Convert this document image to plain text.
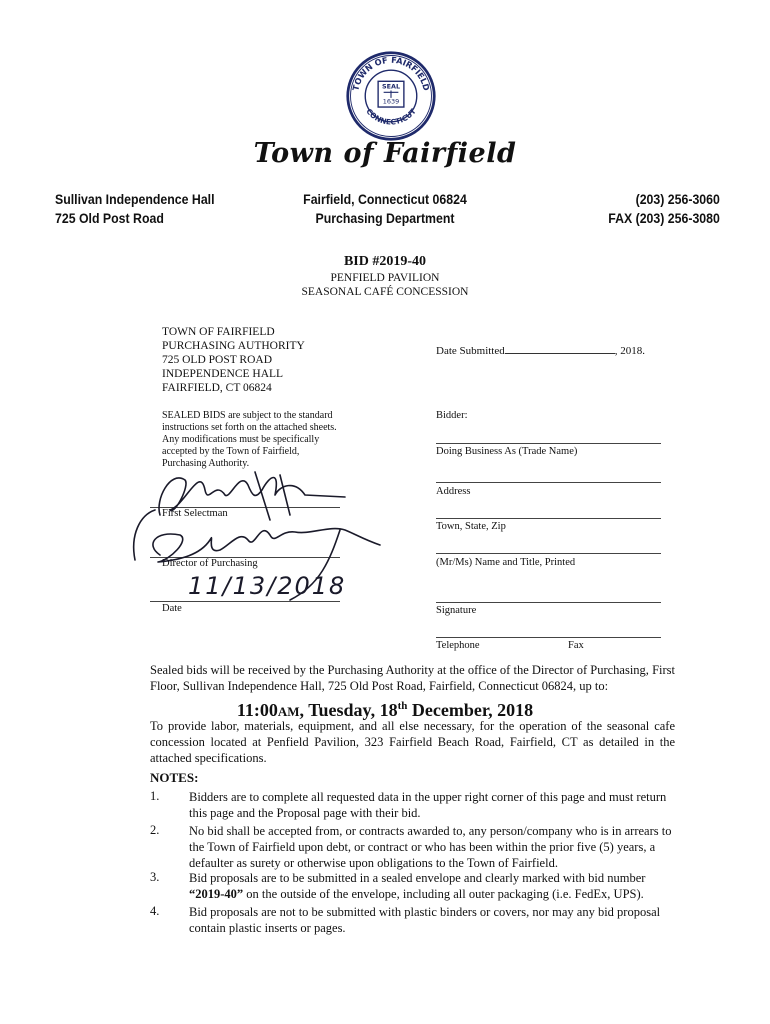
TOWN OF FAIRFIELD
CONNECTICUT
SEAL
1639
Town of Fairfield
Sullivan Independence Hall
725 Old Post Road
Fairfield, Connecticut 06824
Purchasing Department
(203) 256-3060
FAX (203) 256-3080
BID #2019-40
PENFIELD PAVILION
SEASONAL CAFÉ CONCESSION
TOWN OF FAIRFIELD
PURCHASING AUTHORITY
725 OLD POST ROAD
INDEPENDENCE HALL
FAIRFIELD, CT 06824
Date Submitted	, 2018.
SEALED BIDS are subject to the standard
instructions set forth on the attached sheets.
Any modifications must be specifically
accepted by the Town of Fairfield,
Purchasing Authority.
Bidder:
Doing Business As (Trade Name)
Address
Town, State, Zip
(Mr/Ms) Name and Title, Printed
Signature
Telephone	Fax
First Selectman
Director of Purchasing
Date
11/13/2018
Sealed bids will be received by the Purchasing Authority at the office of the Director of Purchasing, First Floor, Sullivan Independence Hall, 725 Old Post Road, Fairfield, Connecticut 06824, up to:
11:00AM, Tuesday, 18th December, 2018
To provide labor, materials, equipment, and all else necessary, for the operation of the seasonal cafe concession located at Penfield Pavilion, 323 Fairfield Beach Road, Fairfield, CT as detailed in the attached specifications.
NOTES:
1. Bidders are to complete all requested data in the upper right corner of this page and must return this page and the Proposal page with their bid.
2. No bid shall be accepted from, or contracts awarded to, any person/company who is in arrears to the Town of Fairfield upon debt, or contract or who has been within the prior five (5) years, a defaulter as surety or otherwise upon obligations to the Town of Fairfield.
3. Bid proposals are to be submitted in a sealed envelope and clearly marked with bid number “2019-40” on the outside of the envelope, including all outer packaging (i.e. FedEx, UPS).
4. Bid proposals are not to be submitted with plastic binders or covers, nor may any bid proposal contain plastic inserts or pages.
